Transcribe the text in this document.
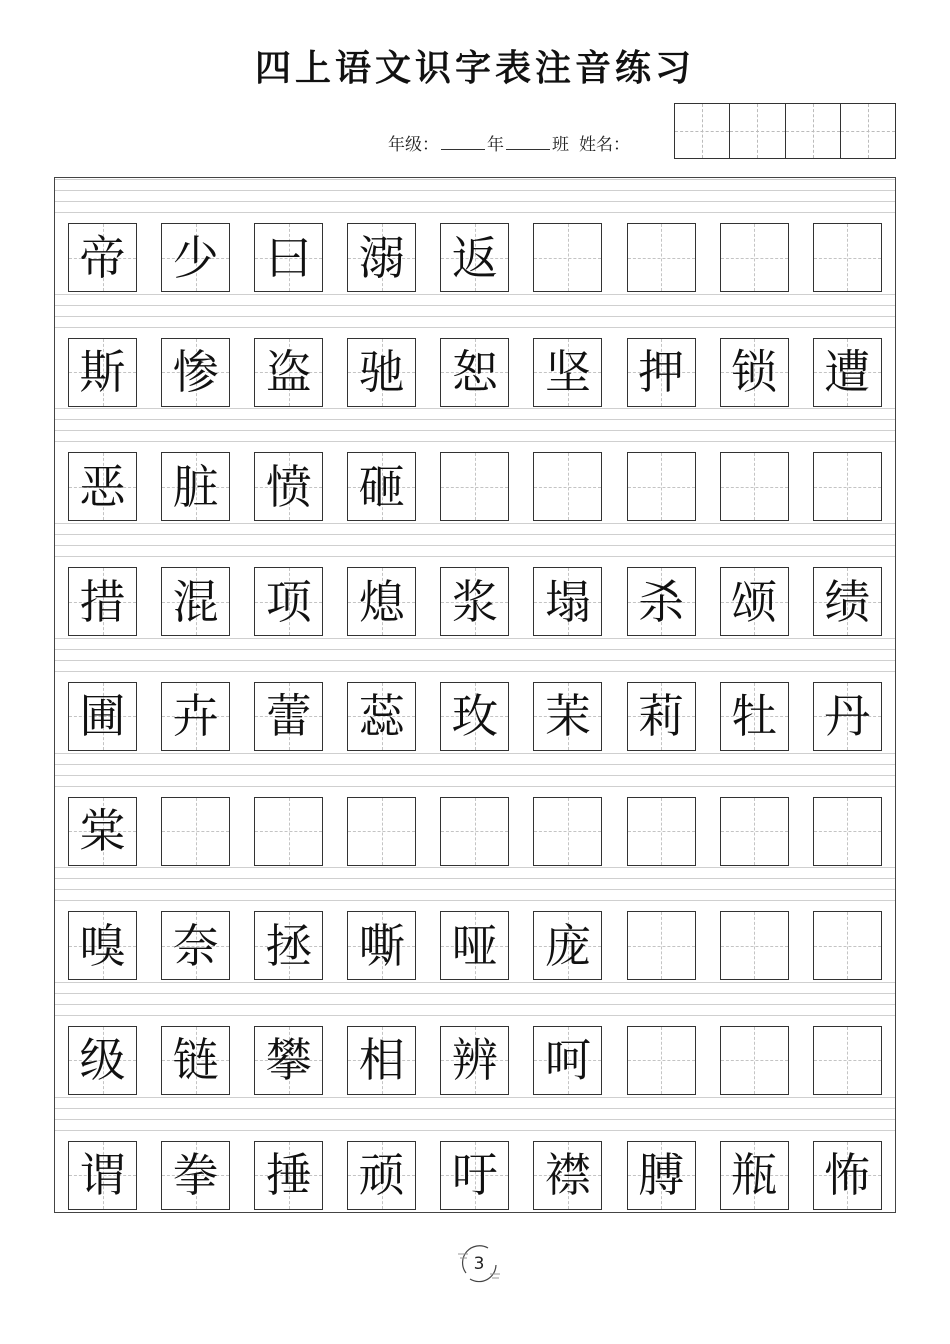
四上语文识字表注音练习
年级：	年	班 姓名：
帝 少 曰 溺 返
斯 惨 盗 驰 恕 坚 押 锁 遭
恶 脏 愤 砸
措 混 项 熄 浆 塌 杀 颂 绩
圃 卉 蕾 蕊 玫 茉 莉 牡 丹
棠
嗅 奈 拯 嘶 哑 庞
级 链 攀 相 辨 呵
谓 拳 捶 顽 吁 襟 膊 瓶 怖
3
